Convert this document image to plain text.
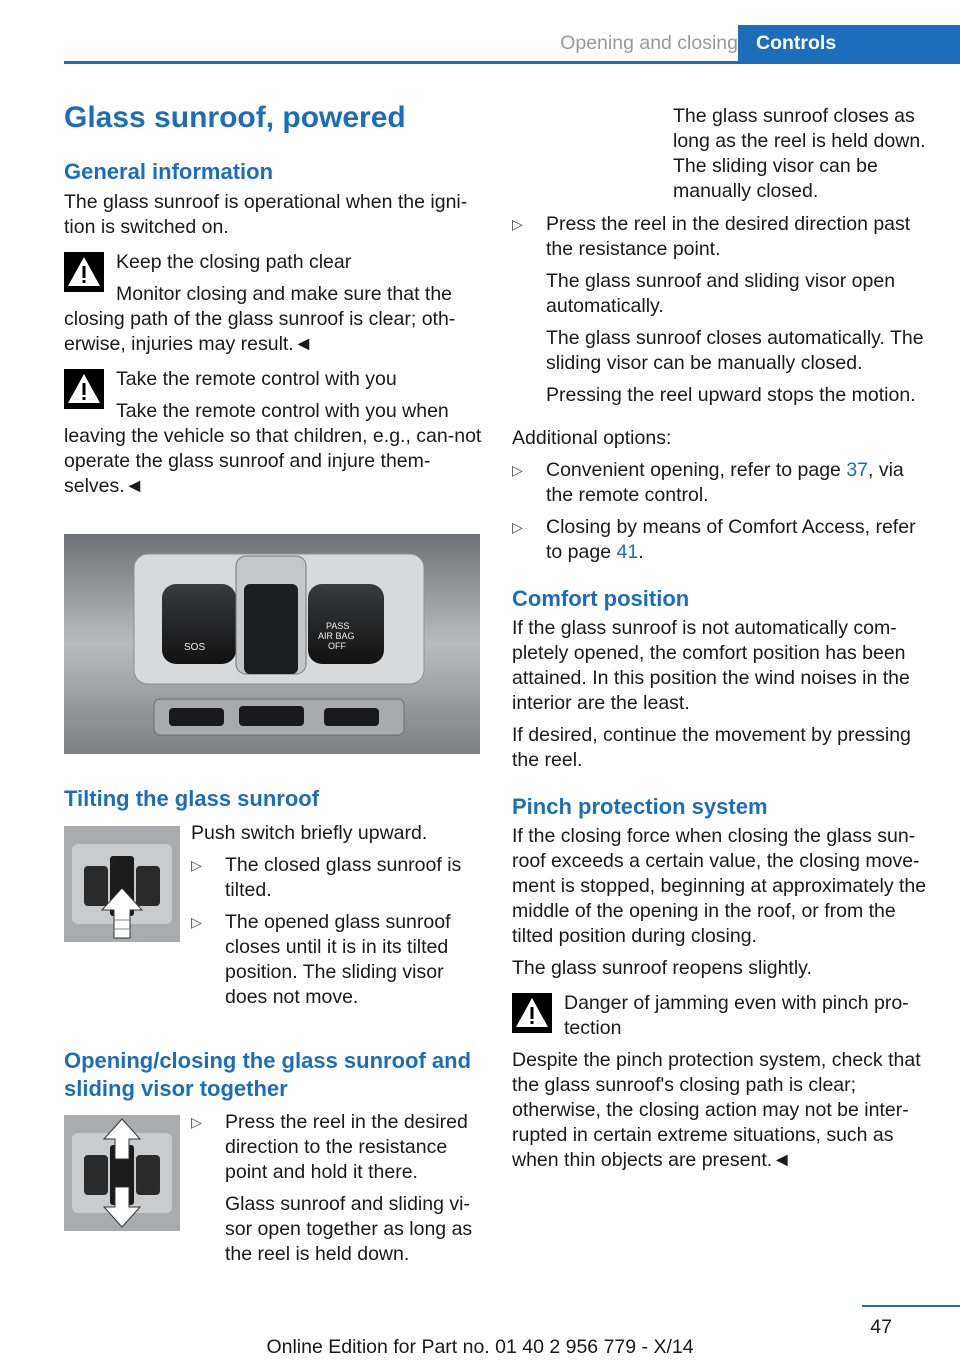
Opening and closing Controls
Glass sunroof, powered
General information

The glass sunroof is operational when the igni-tion is switched on.

Keep the closing path clear

Monitor closing and make sure that the

closing path of the glass sunroof is clear; oth-erwise, injuries may result.◄

Take the remote control with you

Take the remote control with you when

leaving the vehicle so that children, e.g., can-not operate the glass sunroof and injure them-selves.◄

SOS
PASS
AIR BAG
OFF
Tilting the glass sunroof

Push switch briefly upward.

▷ The closed glass sunroof is tilted.
▷ The opened glass sunroof closes until it is in its tilted position. The sliding visor does not move.
Opening/closing the glass sunroof and sliding visor together
▷ Press the reel in the desired direction to the resistance point and hold it there.

Glass sunroof and sliding vi-sor open together as long as the reel is held down.

The glass sunroof closes as long as the reel is held down. The sliding visor can be manually closed.

▷ Press the reel in the desired direction past the resistance point.

The glass sunroof and sliding visor open automatically.

The glass sunroof closes automatically. The sliding visor can be manually closed.

Pressing the reel upward stops the motion.

Additional options:

▷ Convenient opening, refer to page 37, via the remote control.
▷ Closing by means of Comfort Access, refer to page 41.
Comfort position

If the glass sunroof is not automatically com-pletely opened, the comfort position has been attained. In this position the wind noises in the interior are the least.

If desired, continue the movement by pressing the reel.

Pinch protection system

If the closing force when closing the glass sun-roof exceeds a certain value, the closing move-ment is stopped, beginning at approximately the middle of the opening in the roof, or from the tilted position during closing.

The glass sunroof reopens slightly.

Danger of jamming even with pinch pro-tection

Despite the pinch protection system, check that the glass sunroof's closing path is clear; otherwise, the closing action may not be inter-rupted in certain extreme situations, such as when thin objects are present.◄

47
Online Edition for Part no. 01 40 2 956 779 - X/14
